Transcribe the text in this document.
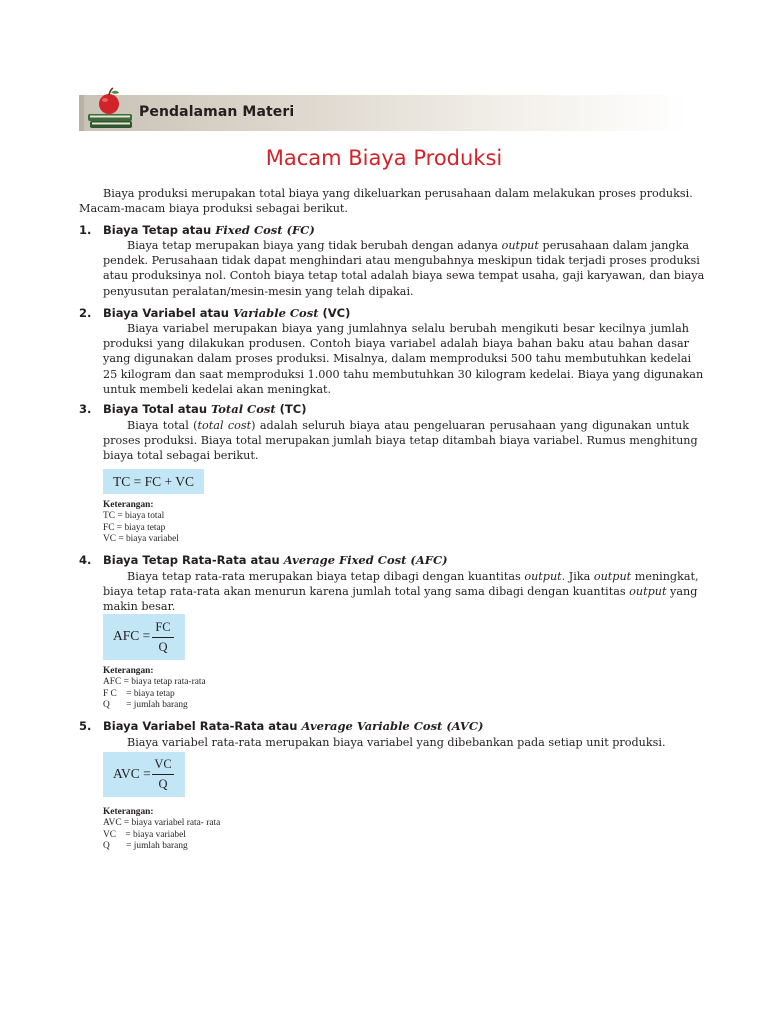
Pendalaman Materi
Macam Biaya Produksi
Biaya produksi merupakan total biaya yang dikeluarkan perusahaan dalam melakukan proses produksi.
Macam-macam biaya produksi sebagai berikut.
1. Biaya Tetap atau Fixed Cost (FC)
Biaya tetap merupakan biaya yang tidak berubah dengan adanya output perusahaan dalam jangka
pendek. Perusahaan tidak dapat menghindari atau mengubahnya meskipun tidak terjadi proses produksi
atau produksinya nol. Contoh biaya tetap total adalah biaya sewa tempat usaha, gaji karyawan, dan biaya
penyusutan peralatan/mesin-mesin yang telah dipakai.
2. Biaya Variabel atau Variable Cost (VC)
Biaya variabel merupakan biaya yang jumlahnya selalu berubah mengikuti besar kecilnya jumlah
produksi yang dilakukan produsen. Contoh biaya variabel adalah biaya bahan baku atau bahan dasar
yang digunakan dalam proses produksi. Misalnya, dalam memproduksi 500 tahu membutuhkan kedelai
25 kilogram dan saat memproduksi 1.000 tahu membutuhkan 30 kilogram kedelai. Biaya yang digunakan
untuk membeli kedelai akan meningkat.
3. Biaya Total atau Total Cost (TC)
Biaya total (total cost) adalah seluruh biaya atau pengeluaran perusahaan yang digunakan untuk
proses produksi. Biaya total merupakan jumlah biaya tetap ditambah biaya variabel. Rumus menghitung
biaya total sebagai berikut.
TC = FC + VC
Keterangan:
TC = biaya total
FC = biaya tetap
VC = biaya variabel
4. Biaya Tetap Rata-Rata atau Average Fixed Cost (AFC)
Biaya tetap rata-rata merupakan biaya tetap dibagi dengan kuantitas output. Jika output meningkat,
biaya tetap rata-rata akan menurun karena jumlah total yang sama dibagi dengan kuantitas output yang
makin besar.
AFC =
FC
Q
Keterangan:
AFC = biaya tetap rata-rata
F C    = biaya tetap
Q       = jumlah barang
5. Biaya Variabel Rata-Rata atau Average Variable Cost (AVC)
Biaya variabel rata-rata merupakan biaya variabel yang dibebankan pada setiap unit produksi.
AVC =
VC
Q
Keterangan:
AVC = biaya variabel rata- rata
VC    = biaya variabel
Q       = jumlah barang
